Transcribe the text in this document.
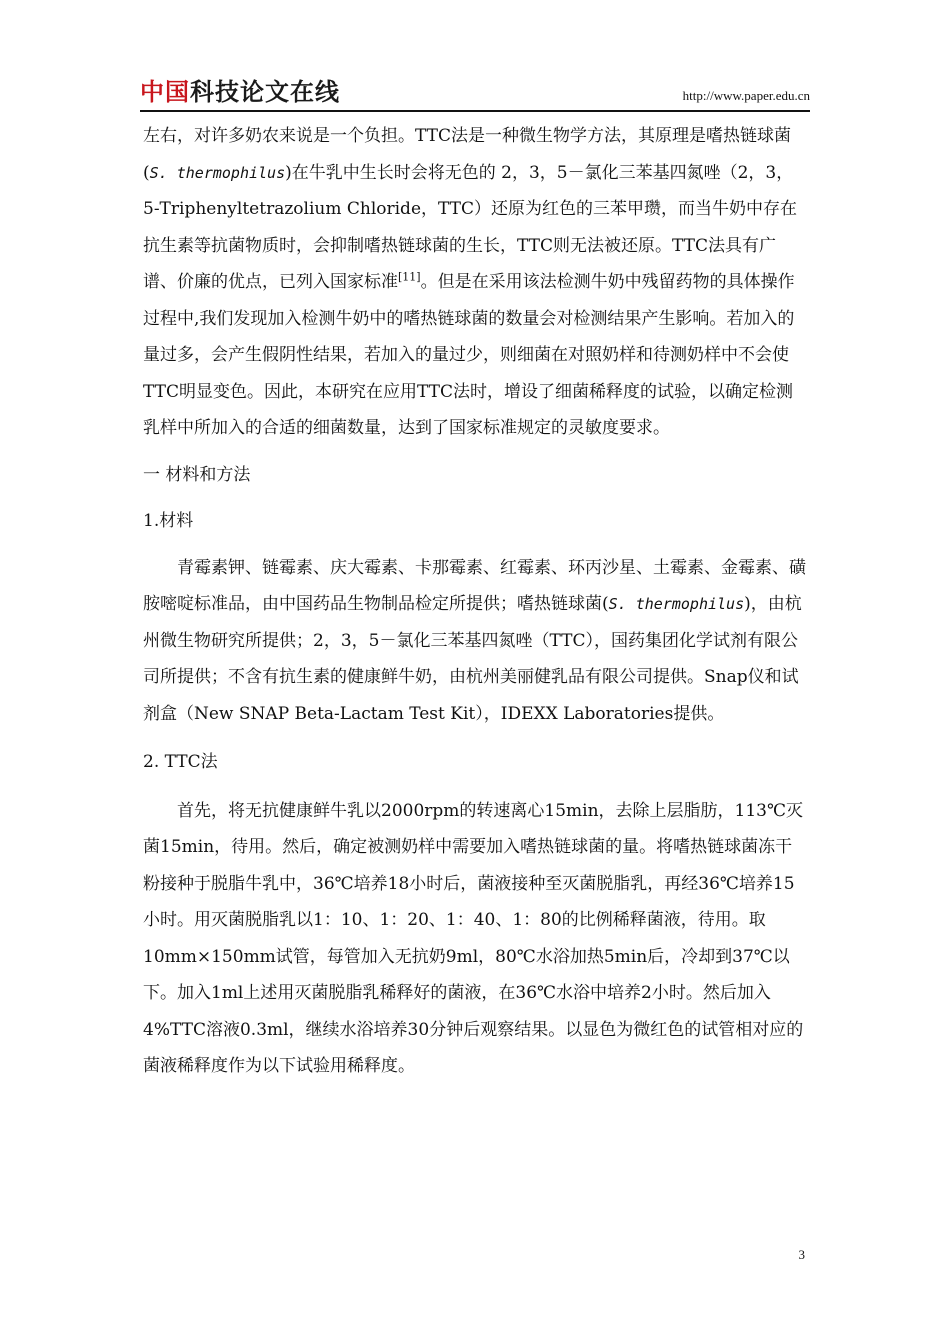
中国科技论文在线	http://www.paper.edu.cn

左右，对许多奶农来说是一个负担。TTC法是一种微生物学方法，其原理是嗜热链球菌(S. thermophilus)在牛乳中生长时会将无色的 2，3，5－氯化三苯基四氮唑（2，3，5-Triphenyltetrazolium Chloride，TTC）还原为红色的三苯甲瓒，而当牛奶中存在抗生素等抗菌物质时，会抑制嗜热链球菌的生长，TTC则无法被还原。TTC法具有广谱、价廉的优点，已列入国家标准[11]。但是在采用该法检测牛奶中残留药物的具体操作过程中,我们发现加入检测牛奶中的嗜热链球菌的数量会对检测结果产生影响。若加入的量过多，会产生假阴性结果，若加入的量过少，则细菌在对照奶样和待测奶样中不会使TTC明显变色。因此，本研究在应用TTC法时，增设了细菌稀释度的试验，以确定检测乳样中所加入的合适的细菌数量，达到了国家标准规定的灵敏度要求。

一 材料和方法

1.材料

青霉素钾、链霉素、庆大霉素、卡那霉素、红霉素、环丙沙星、土霉素、金霉素、磺胺嘧啶标准品，由中国药品生物制品检定所提供；嗜热链球菌(S. thermophilus)，由杭州微生物研究所提供；2，3，5－氯化三苯基四氮唑（TTC），国药集团化学试剂有限公司所提供；不含有抗生素的健康鲜牛奶，由杭州美丽健乳品有限公司提供。Snap仪和试剂盒（New SNAP Beta-Lactam Test Kit），IDEXX Laboratories提供。

2. TTC法

首先，将无抗健康鲜牛乳以2000rpm的转速离心15min，去除上层脂肪，113℃灭菌15min，待用。然后，确定被测奶样中需要加入嗜热链球菌的量。将嗜热链球菌冻干粉接种于脱脂牛乳中，36℃培养18小时后，菌液接种至灭菌脱脂乳，再经36℃培养15小时。用灭菌脱脂乳以1：10、1：20、1：40、1：80的比例稀释菌液，待用。取10mm×150mm试管，每管加入无抗奶9ml，80℃水浴加热5min后，冷却到37℃以下。加入1ml上述用灭菌脱脂乳稀释好的菌液，在36℃水浴中培养2小时。然后加入4%TTC溶液0.3ml，继续水浴培养30分钟后观察结果。以显色为微红色的试管相对应的菌液稀释度作为以下试验用稀释度。

3
